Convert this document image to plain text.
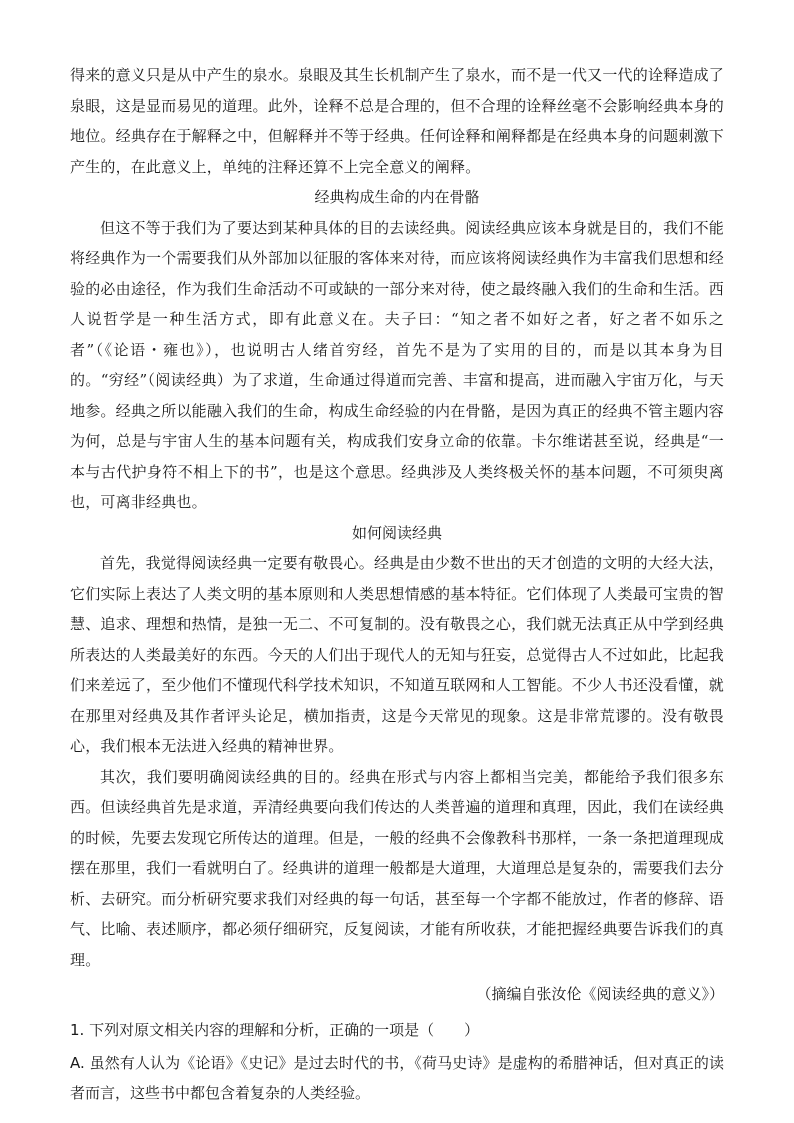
得来的意义只是从中产生的泉水。泉眼及其生长机制产生了泉水，而不是一代又一代的诠释造成了泉眼，这是显而易见的道理。此外，诠释不总是合理的，但不合理的诠释丝毫不会影响经典本身的地位。经典存在于解释之中，但解释并不等于经典。任何诠释和阐释都是在经典本身的问题刺激下产生的，在此意义上，单纯的注释还算不上完全意义的阐释。

经典构成生命的内在骨骼

但这不等于我们为了要达到某种具体的目的去读经典。阅读经典应该本身就是目的，我们不能将经典作为一个需要我们从外部加以征服的客体来对待，而应该将阅读经典作为丰富我们思想和经验的必由途径，作为我们生命活动不可或缺的一部分来对待，使之最终融入我们的生命和生活。西人说哲学是一种生活方式，即有此意义在。夫子曰：“知之者不如好之者，好之者不如乐之者”（《论语・雍也》），也说明古人绪首穷经，首先不是为了实用的目的，而是以其本身为目的。“穷经”（阅读经典）为了求道，生命通过得道而完善、丰富和提高，进而融入宇宙万化，与天地参。经典之所以能融入我们的生命，构成生命经验的内在骨骼，是因为真正的经典不管主题内容为何，总是与宇宙人生的基本问题有关，构成我们安身立命的依靠。卡尔维诺甚至说，经典是“一本与古代护身符不相上下的书”，也是这个意思。经典涉及人类终极关怀的基本问题，不可须臾离也，可离非经典也。

如何阅读经典

首先，我觉得阅读经典一定要有敬畏心。经典是由少数不世出的天才创造的文明的大经大法，它们实际上表达了人类文明的基本原则和人类思想情感的基本特征。它们体现了人类最可宝贵的智慧、追求、理想和热情，是独一无二、不可复制的。没有敬畏之心，我们就无法真正从中学到经典所表达的人类最美好的东西。今天的人们出于现代人的无知与狂妄，总觉得古人不过如此，比起我们来差远了，至少他们不懂现代科学技术知识，不知道互联网和人工智能。不少人书还没看懂，就在那里对经典及其作者评头论足，横加指责，这是今天常见的现象。这是非常荒谬的。没有敬畏心，我们根本无法进入经典的精神世界。

其次，我们要明确阅读经典的目的。经典在形式与内容上都相当完美，都能给予我们很多东西。但读经典首先是求道，弄清经典要向我们传达的人类普遍的道理和真理，因此，我们在读经典的时候，先要去发现它所传达的道理。但是，一般的经典不会像教科书那样，一条一条把道理现成摆在那里，我们一看就明白了。经典讲的道理一般都是大道理，大道理总是复杂的，需要我们去分析、去研究。而分析研究要求我们对经典的每一句话，甚至每一个字都不能放过，作者的修辞、语气、比喻、表述顺序，都必须仔细研究，反复阅读，才能有所收获，才能把握经典要告诉我们的真理。

（摘编自张汝伦《阅读经典的意义》）

1. 下列对原文相关内容的理解和分析，正确的一项是（　　）

A. 虽然有人认为《论语》《史记》是过去时代的书，《荷马史诗》是虚构的希腊神话，但对真正的读者而言，这些书中都包含着复杂的人类经验。
